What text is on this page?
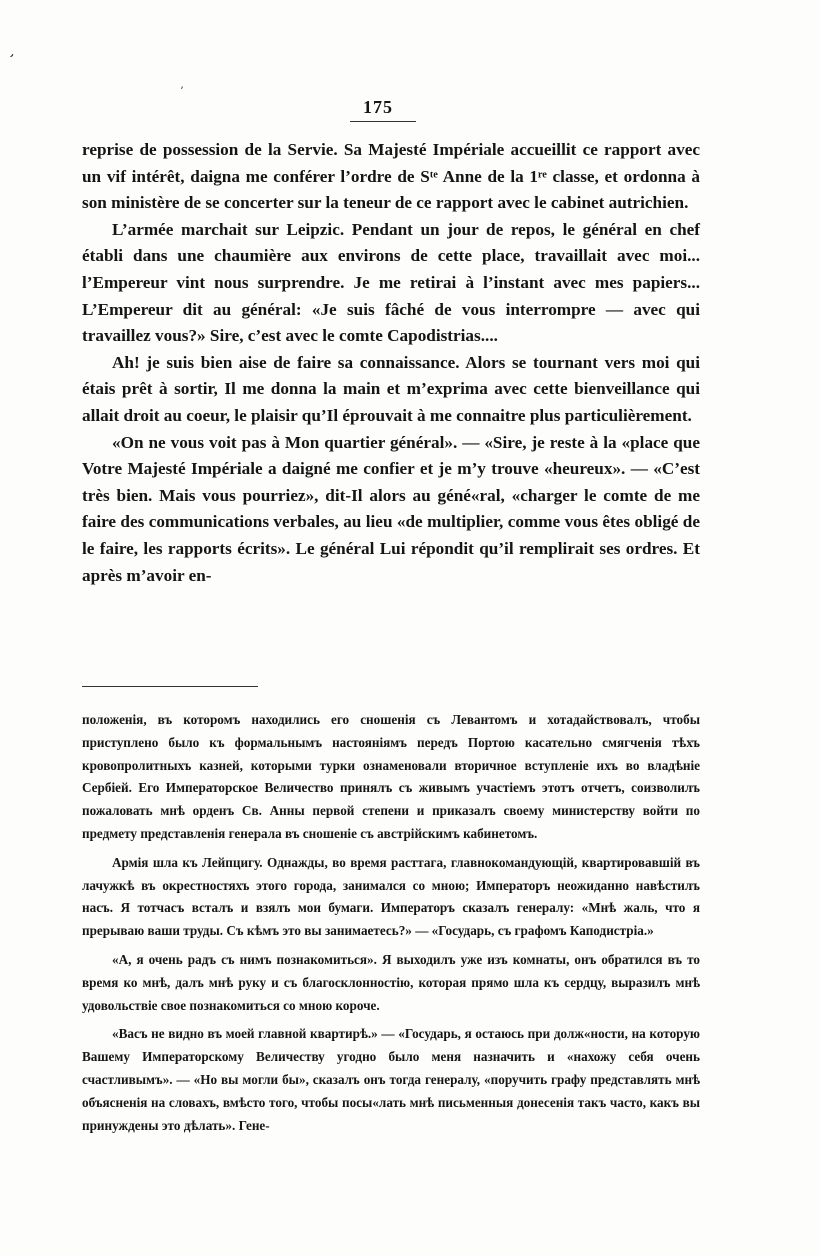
’
ʼ
175

reprise de possession de la Servie. Sa Majesté Impériale accueillit ce rapport avec un vif intérêt, daigna me conférer l’ordre de Sᵗᵉ Anne de la 1ʳᵉ classe, et ordonna à son ministère de se concerter sur la teneur de ce rapport avec le cabinet autrichien.

L’armée marchait sur Leipzic. Pendant un jour de repos, le général en chef établi dans une chaumière aux environs de cette place, travaillait avec moi... l’Empereur vint nous surprendre. Je me retirai à l’instant avec mes papiers... L’Empereur dit au général: «Je suis fâché de vous interrompre — avec qui travaillez vous?» Sire, c’est avec le comte Capodistrias....

Ah! je suis bien aise de faire sa connaissance. Alors se tournant vers moi qui étais prêt à sortir, Il me donna la main et m’exprima avec cette bienveillance qui allait droit au coeur, le plaisir qu’Il éprouvait à me connaitre plus particulièrement.

«On ne vous voit pas à Mon quartier général». — «Sire, je reste à la «place que Votre Majesté Impériale a daigné me confier et je m’y trouve «heureux». — «C’est très bien. Mais vous pourriez», dit-Il alors au géné«ral, «charger le comte de me faire des communications verbales, au lieu «de multiplier, comme vous êtes obligé de le faire, les rapports écrits». Le général Lui répondit qu’il remplirait ses ordres. Et après m’avoir en-

положенія, въ которомъ находились его сношенія съ Левантомъ и хотадайствовалъ, чтобы приступлено было къ формальнымъ настояніямъ передъ Портою касательно смягченія тѣхъ кровопролитныхъ казней, которыми турки ознаменовали вторичное вступленіе ихъ во владѣніе Сербіей. Его Императорское Величество принялъ съ живымъ участіемъ этотъ отчетъ, соизволилъ пожаловать мнѣ орденъ Св. Анны первой степени и приказалъ своему министерству войти по предмету представленія генерала въ сношеніе съ австрійскимъ кабинетомъ.

Армія шла къ Лейпцигу. Однажды, во время расттага, главнокомандующій, квартировавшій въ лачужкѣ въ окрестностяхъ этого города, занимался со мною; Императоръ неожиданно навѣстилъ насъ. Я тотчасъ всталъ и взялъ мои бумаги. Императоръ сказалъ генералу: «Мнѣ жаль, что я прерываю ваши труды. Съ кѣмъ это вы занимаетесь?» — «Государь, съ графомъ Каподистріа.»

«А, я очень радъ съ нимъ познакомиться». Я выходилъ уже изъ комнаты, онъ обратился въ то время ко мнѣ, далъ мнѣ руку и съ благосклонностію, которая прямо шла къ сердцу, выразилъ мнѣ удовольствіе свое познакомиться со мною короче.

«Васъ не видно въ моей главной квартирѣ.» — «Государь, я остаюсь при долж«ности, на которую Вашему Императорскому Величеству угодно было меня назначить и «нахожу себя очень счастливымъ». — «Но вы могли бы», сказалъ онъ тогда генералу, «поручить графу представлять мнѣ объясненія на словахъ, вмѣсто того, чтобы посы«лать мнѣ письменныя донесенія такъ часто, какъ вы принуждены это дѣлать». Гене-
